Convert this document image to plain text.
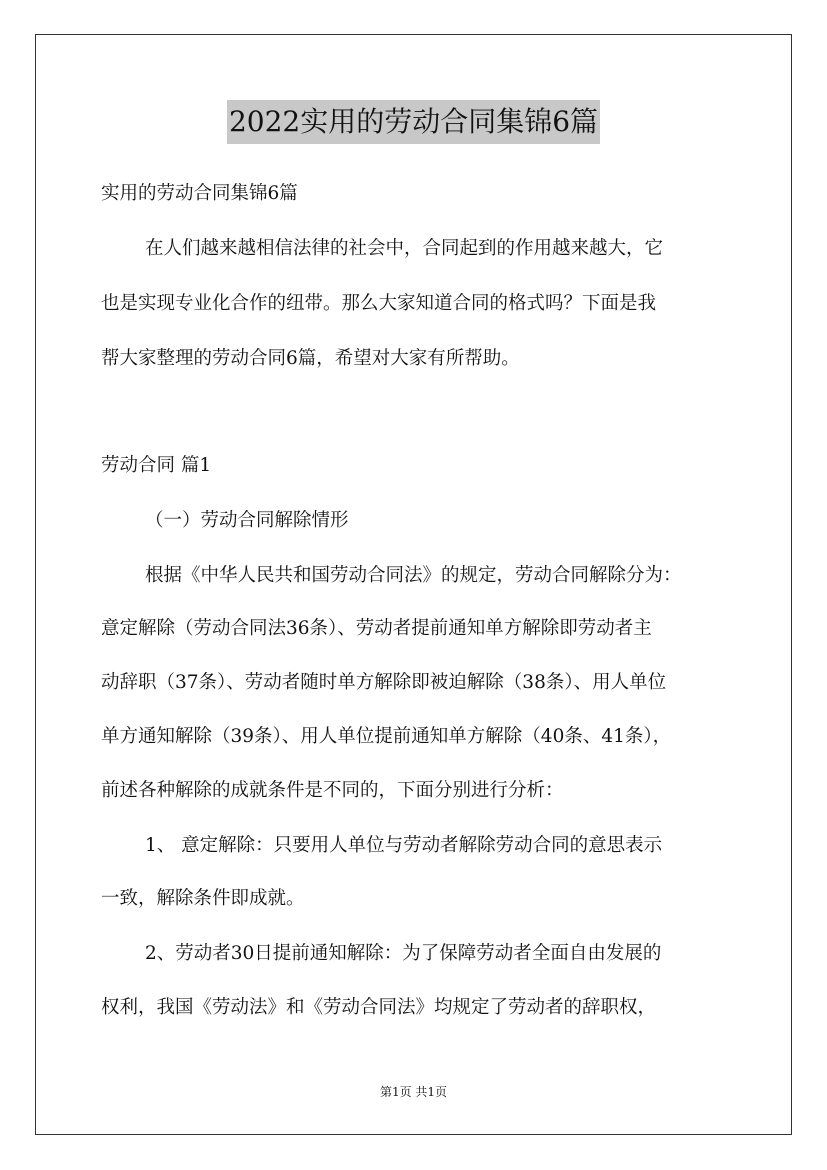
2022实用的劳动合同集锦6篇
实用的劳动合同集锦6篇
在人们越来越相信法律的社会中，合同起到的作用越来越大，它
也是实现专业化合作的纽带。那么大家知道合同的格式吗？下面是我
帮大家整理的劳动合同6篇，希望对大家有所帮助。
劳动合同 篇1
（一）劳动合同解除情形
根据《中华人民共和国劳动合同法》的规定，劳动合同解除分为：
意定解除（劳动合同法36条）、劳动者提前通知单方解除即劳动者主
动辞职（37条）、劳动者随时单方解除即被迫解除（38条）、用人单位
单方通知解除（39条）、用人单位提前通知单方解除（40条、41条），
前述各种解除的成就条件是不同的，下面分别进行分析：
1、 意定解除：只要用人单位与劳动者解除劳动合同的意思表示
一致，解除条件即成就。
2、劳动者30日提前通知解除：为了保障劳动者全面自由发展的
权利，我国《劳动法》和《劳动合同法》均规定了劳动者的辞职权，
第1页 共1页
